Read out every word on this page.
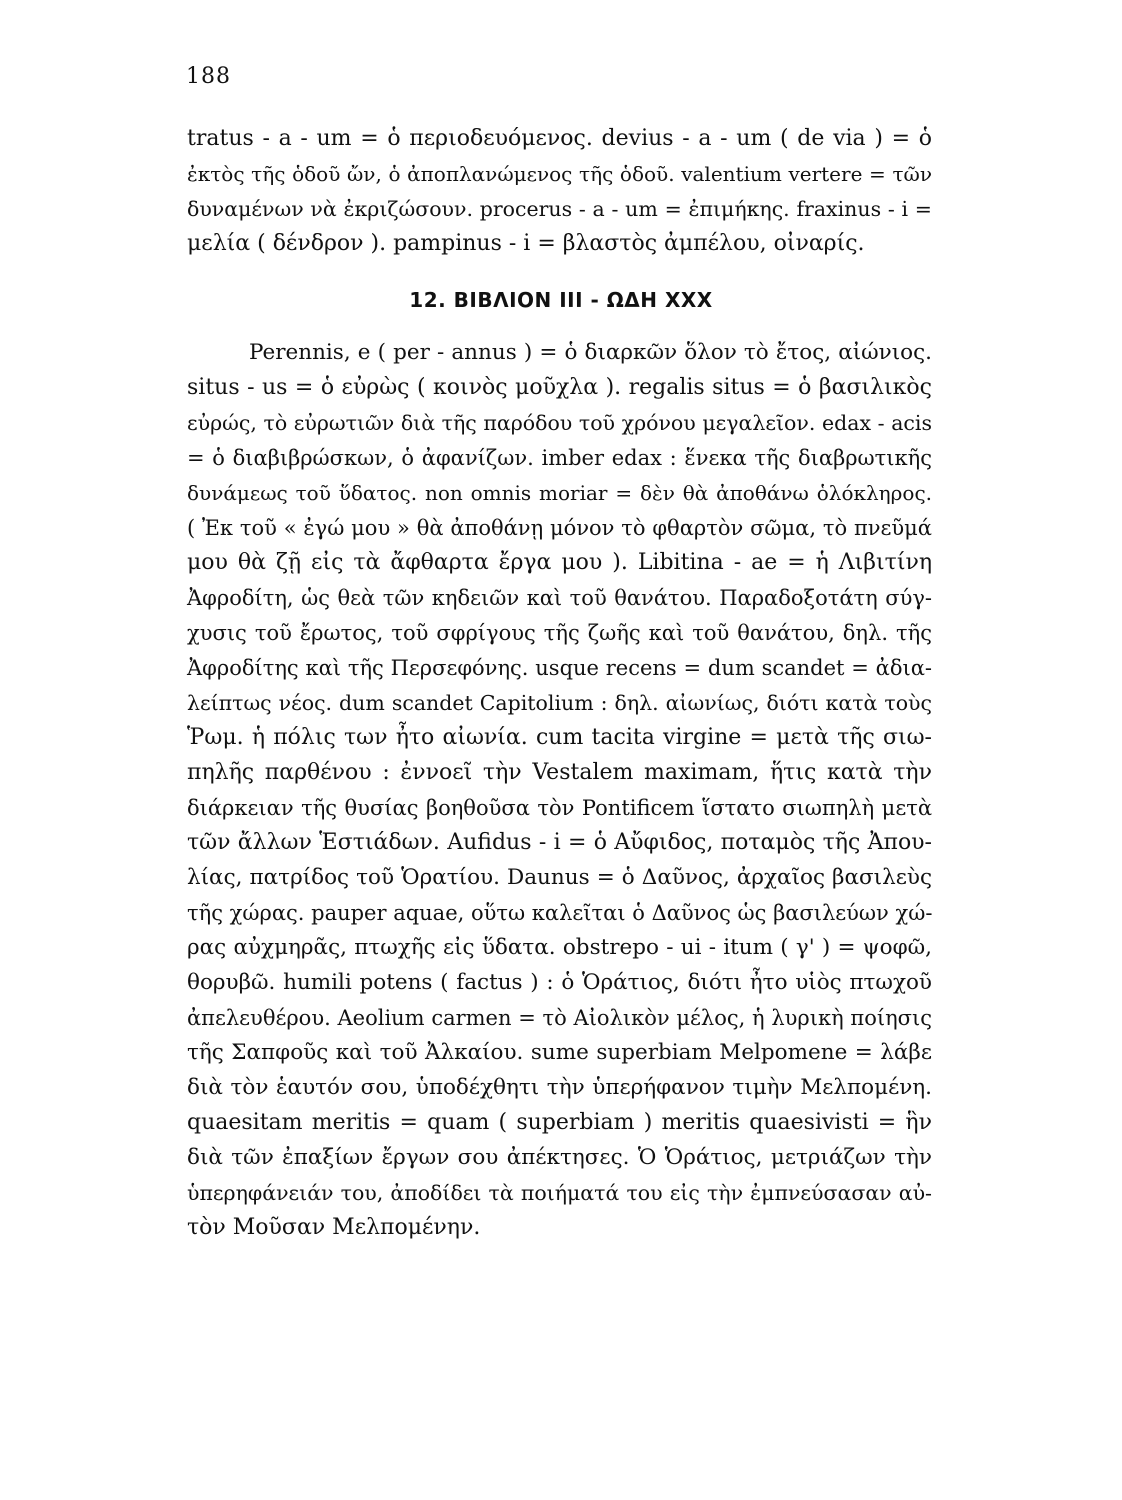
188
tratus - a - um = ὁ περιοδευόμενος. devius - a - um ( de via ) = ὁ
ἐκτὸς τῆς ὁδοῦ ὤν, ὁ ἀποπλανώμενος τῆς ὁδοῦ. valentium vertere = τῶν
δυναμένων νὰ ἐκριζώσουν. procerus - a - um = ἐπιμήκης. fraxinus - i =
μελία ( δένδρον ). pampinus - i = βλαστὸς ἀμπέλου, οἰναρίς.
12. ΒΙΒΛΙΟΝ ΙΙΙ - ΩΔΗ XXX
Perennis, e ( per - annus ) = ὁ διαρκῶν ὅλον τὸ ἔτος, αἰώνιος.
situs - us = ὁ εὐρὼς ( κοινὸς μοῦχλα ). regalis situs = ὁ βασιλικὸς
εὐρώς, τὸ εὐρωτιῶν διὰ τῆς παρόδου τοῦ χρόνου μεγαλεῖον. edax - acis
= ὁ διαβιβρώσκων, ὁ ἀφανίζων. imber edax : ἕνεκα τῆς διαβρωτικῆς
δυνάμεως τοῦ ὕδατος. non omnis moriar = δὲν θὰ ἀποθάνω ὁλόκληρος.
( Ἐκ τοῦ « ἐγώ μου » θὰ ἀποθάνῃ μόνον τὸ φθαρτὸν σῶμα, τὸ πνεῦμά
μου θὰ ζῇ εἰς τὰ ἄφθαρτα ἔργα μου ). Libitina - ae = ἡ Λιβιτίνη
Ἀφροδίτη, ὡς θεὰ τῶν κηδειῶν καὶ τοῦ θανάτου. Παραδοξοτάτη σύγ-
χυσις τοῦ ἔρωτος, τοῦ σφρίγους τῆς ζωῆς καὶ τοῦ θανάτου, δηλ. τῆς
Ἀφροδίτης καὶ τῆς Περσεφόνης. usque recens = dum scandet = ἀδια-
λείπτως νέος. dum scandet Capitolium : δηλ. αἰωνίως, διότι κατὰ τοὺς
Ῥωμ. ἡ πόλις των ἦτο αἰωνία. cum tacita virgine = μετὰ τῆς σιω-
πηλῆς παρθένου : ἐννοεῖ τὴν Vestalem maximam, ἥτις κατὰ τὴν
διάρκειαν τῆς θυσίας βοηθοῦσα τὸν Pontificem ἵστατο σιωπηλὴ μετὰ
τῶν ἄλλων Ἑστιάδων. Aufidus - i = ὁ Αὔφιδος, ποταμὸς τῆς Ἀπου-
λίας, πατρίδος τοῦ Ὁρατίου. Daunus = ὁ Δαῦνος, ἀρχαῖος βασιλεὺς
τῆς χώρας. pauper aquae, οὕτω καλεῖται ὁ Δαῦνος ὡς βασιλεύων χώ-
ρας αὐχμηρᾶς, πτωχῆς εἰς ὕδατα. obstrepo - ui - itum ( γ' ) = ψοφῶ,
θορυβῶ. humili potens ( factus ) : ὁ Ὁράτιος, διότι ἦτο υἱὸς πτωχοῦ
ἀπελευθέρου. Aeolium carmen = τὸ Αἰολικὸν μέλος, ἡ λυρικὴ ποίησις
τῆς Σαπφοῦς καὶ τοῦ Ἀλκαίου. sume superbiam Melpomene = λάβε
διὰ τὸν ἑαυτόν σου, ὑποδέχθητι τὴν ὑπερήφανον τιμὴν Μελπομένη.
quaesitam meritis = quam ( superbiam ) meritis quaesivisti = ἣν
διὰ τῶν ἐπαξίων ἔργων σου ἀπέκτησες. Ὁ Ὁράτιος, μετριάζων τὴν
ὑπερηφάνειάν του, ἀποδίδει τὰ ποιήματά του εἰς τὴν ἐμπνεύσασαν αὐ-
τὸν Μοῦσαν Μελπομένην.
